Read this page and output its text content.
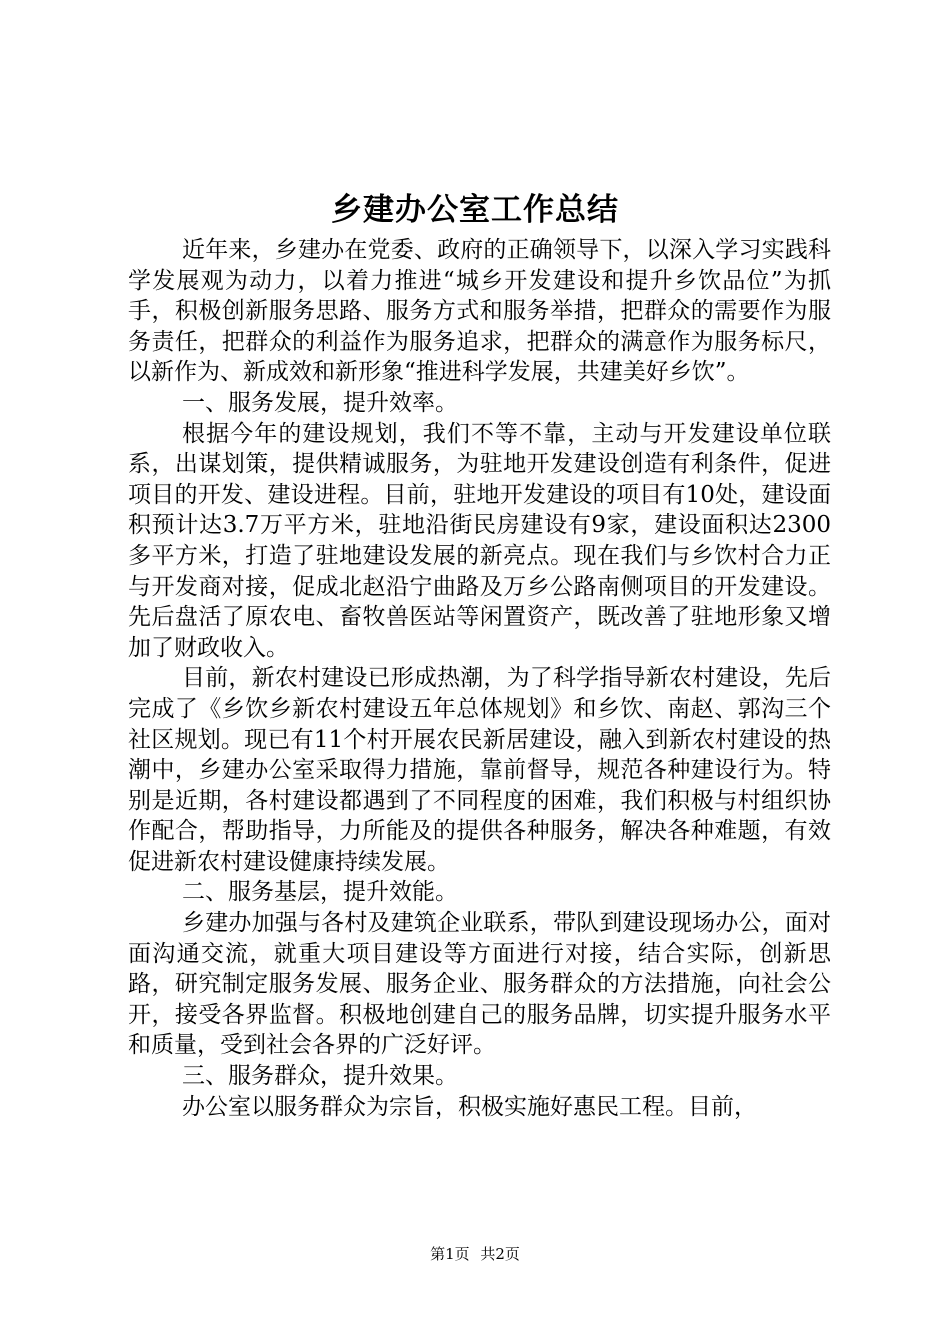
乡建办公室工作总结

近年来，乡建办在党委、政府的正确领导下，以深入学习实践科学发展观为动力，以着力推进“城乡开发建设和提升乡饮品位”为抓手，积极创新服务思路、服务方式和服务举措，把群众的需要作为服务责任，把群众的利益作为服务追求，把群众的满意作为服务标尺，以新作为、新成效和新形象“推进科学发展，共建美好乡饮”。

一、服务发展，提升效率。

根据今年的建设规划，我们不等不靠，主动与开发建设单位联系，出谋划策，提供精诚服务，为驻地开发建设创造有利条件，促进项目的开发、建设进程。目前，驻地开发建设的项目有10处，建设面积预计达3.7万平方米，驻地沿街民房建设有9家，建设面积达2300多平方米，打造了驻地建设发展的新亮点。现在我们与乡饮村合力正与开发商对接，促成北赵沿宁曲路及万乡公路南侧项目的开发建设。先后盘活了原农电、畜牧兽医站等闲置资产，既改善了驻地形象又增加了财政收入。

目前，新农村建设已形成热潮，为了科学指导新农村建设，先后完成了《乡饮乡新农村建设五年总体规划》和乡饮、南赵、郭沟三个社区规划。现已有11个村开展农民新居建设，融入到新农村建设的热潮中，乡建办公室采取得力措施，靠前督导，规范各种建设行为。特别是近期，各村建设都遇到了不同程度的困难，我们积极与村组织协作配合，帮助指导，力所能及的提供各种服务，解决各种难题，有效促进新农村建设健康持续发展。

二、服务基层，提升效能。

乡建办加强与各村及建筑企业联系，带队到建设现场办公，面对面沟通交流，就重大项目建设等方面进行对接，结合实际，创新思路，研究制定服务发展、服务企业、服务群众的方法措施，向社会公开，接受各界监督。积极地创建自己的服务品牌，切实提升服务水平和质量，受到社会各界的广泛好评。

三、服务群众，提升效果。

办公室以服务群众为宗旨，积极实施好惠民工程。目前，

第1页 共2页
